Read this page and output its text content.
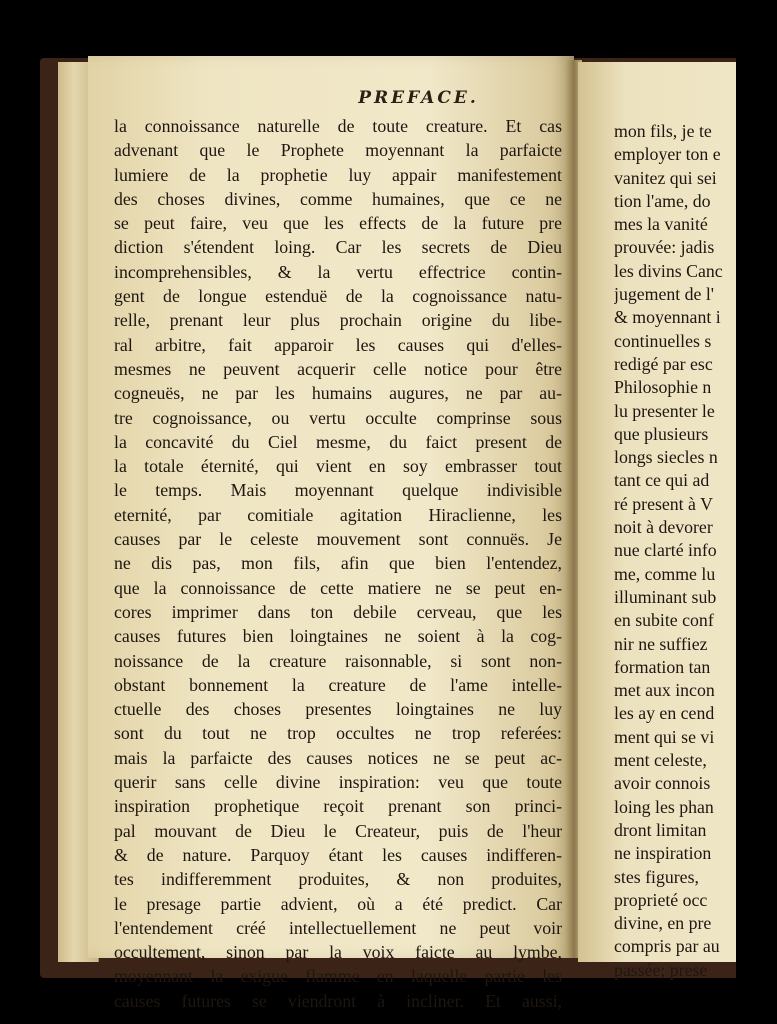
PREFACE.
la connoissance naturelle de toute creature. Et cas
advenant que le Prophete moyennant la parfaicte
lumiere de la prophetie luy appair manifestement
des choses divines, comme humaines, que ce ne
se peut faire, veu que les effects de la future pre
diction s'étendent loing. Car les secrets de Dieu
incomprehensibles, & la vertu effectrice contin-
gent de longue estenduë de la cognoissance natu-
relle, prenant leur plus prochain origine du libe-
ral arbitre, fait apparoir les causes qui d'elles-
mesmes ne peuvent acquerir celle notice pour être
cogneuës, ne par les humains augures, ne par au-
tre cognoissance, ou vertu occulte comprinse sous
la concavité du Ciel mesme, du faict present de
la totale éternité, qui vient en soy embrasser tout
le temps. Mais moyennant quelque indivisible
eternité, par comitiale agitation Hiraclienne, les
causes par le celeste mouvement sont connuës. Je
ne dis pas, mon fils, afin que bien l'entendez,
que la connoissance de cette matiere ne se peut en-
cores imprimer dans ton debile cerveau, que les
causes futures bien loingtaines ne soient à la cog-
noissance de la creature raisonnable, si sont non-
obstant bonnement la creature de l'ame intelle-
ctuelle des choses presentes loingtaines ne luy
sont du tout ne trop occultes ne trop referées:
mais la parfaicte des causes notices ne se peut ac-
querir sans celle divine inspiration: veu que toute
inspiration prophetique reçoit prenant son princi-
pal mouvant de Dieu le Createur, puis de l'heur
& de nature. Parquoy étant les causes indifferen-
tes indifferemment produites, & non produites,
le presage partie advient, où a été predict. Car
l'entendement créé intellectuellement ne peut voir
occultement, sinon par la voix faicte au lymbe,
moyennant la exigue flamme en laquelle partie les
causes futures se viendront à incliner. Et aussi,
mon fils, je te
employer ton e
vanitez qui sei
tion l'ame, do
mes la vanité
prouvée: jadis
les divins Canc
jugement de l'
& moyennant i
continuelles s
redigé par esc
Philosophie n
lu presenter le
que plusieurs
longs siecles n
tant ce qui ad
ré present à V
noit à devorer
nue clarté info
me, comme lu
illuminant sub
en subite conf
nir ne suffiez
formation tan
met aux incon
les ay en cend
ment qui se vi
ment celeste,
avoir connois
loing les phan
dront limitan
ne inspiration
stes figures,
proprieté occ
divine, en pre
compris par au
passée; prese
